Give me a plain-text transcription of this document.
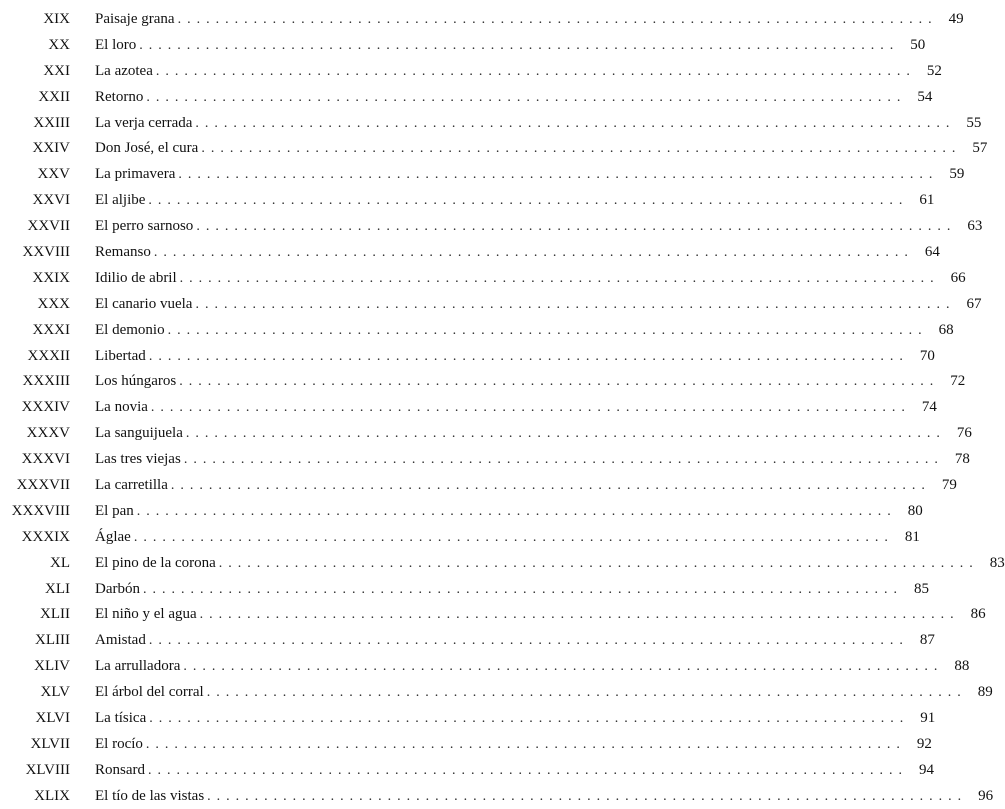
XIX Paisaje grana ................................................................................ 49
XX El loro ................................................................................ 50
XXI La azotea ................................................................................ 52
XXII Retorno ................................................................................ 54
XXIII La verja cerrada ................................................................................ 55
XXIV Don José, el cura ................................................................................ 57
XXV La primavera ................................................................................ 59
XXVI El aljibe ................................................................................ 61
XXVII El perro sarnoso ................................................................................ 63
XXVIII Remanso ................................................................................ 64
XXIX Idilio de abril ................................................................................ 66
XXX El canario vuela ................................................................................ 67
XXXI El demonio ................................................................................ 68
XXXII Libertad ................................................................................ 70
XXXIII Los húngaros ................................................................................ 72
XXXIV La novia ................................................................................ 74
XXXV La sanguijuela ................................................................................ 76
XXXVI Las tres viejas ................................................................................ 78
XXXVII La carretilla ................................................................................ 79
XXXVIII El pan ................................................................................ 80
XXXIX Áglae ................................................................................ 81
XL El pino de la corona ................................................................................ 83
XLI Darbón ................................................................................ 85
XLII El niño y el agua ................................................................................ 86
XLIII Amistad ................................................................................ 87
XLIV La arrulladora ................................................................................ 88
XLV El árbol del corral ................................................................................ 89
XLVI La tísica ................................................................................ 91
XLVII El rocío ................................................................................ 92
XLVIII Ronsard ................................................................................ 94
XLIX El tío de las vistas ................................................................................ 96
